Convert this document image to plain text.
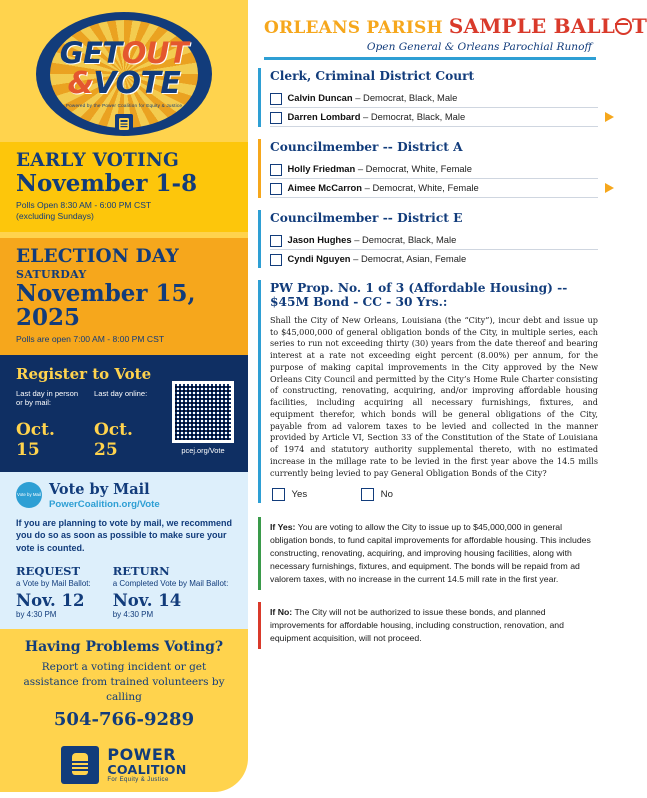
GETOUT
&VOTE
Powered by the Power Coalition for Equity & Justice
EARLY VOTING

November 1-8

Polls Open 8:30 AM - 6:00 PM CST

(excluding Sundays)

ELECTION DAY

SATURDAY

November 15, 2025

Polls are open 7:00 AM - 8:00 PM CST

Register to Vote
Last day in person or by mail:
Oct. 15
Last day online:
Oct. 25	pcej.org/Vote
Vote by Mail Vote by Mail
PowerCoalition.org/Vote
If you are planning to vote by mail, we recommend you do so as soon as possible to make sure your vote is counted.
REQUEST
a Vote by Mail Ballot:
Nov. 12
by 4:30 PM
RETURN
a Completed Vote by Mail Ballot:
Nov. 14
by 4:30 PM
Having Problems Voting?

Report a voting incident or get assistance from trained volunteers by calling

504-766-9289
POWER
COALITION
For Equity & Justice
ORLEANS PARISH SAMPLE BALL T
Open General & Orleans Parochial Runoff
Clerk, Criminal District Court
Calvin Duncan – Democrat, Black, Male
Darren Lombard – Democrat, Black, Male
Councilmember -- District A
Holly Friedman – Democrat, White, Female
Aimee McCarron – Democrat, White, Female
Councilmember -- District E
Jason Hughes – Democrat, Black, Male
Cyndi Nguyen – Democrat, Asian, Female
PW Prop. No. 1 of 3 (Affordable Housing) -- $45M Bond - CC - 30 Yrs.:
Shall the City of New Orleans, Louisiana (the “City”), incur debt and issue up to $45,000,000 of general obligation bonds of the City, in multiple series, each series to run not exceeding thirty (30) years from the date thereof and bearing interest at a rate not exceeding eight percent (8.00%) per annum, for the purpose of making capital improvements in the City approved by the New Orleans City Council and permitted by the City’s Home Rule Charter consisting of constructing, renovating, acquiring, and/or improving affordable housing facilities, including acquiring all necessary furnishings, fixtures, and equipment therefor, which bonds will be general obligations of the City, payable from ad valorem taxes to be levied and collected in the manner provided by Article VI, Section 33 of the Constitution of the State of Louisiana of 1974 and statutory authority supplemental thereto, with no estimated increase in the millage rate to be levied in the first year above the 14.5 mills currently being levied to pay General Obligation Bonds of the City?
Yes	No

If Yes: You are voting to allow the City to issue up to $45,000,000 in general obligation bonds, to fund capital improvements for affordable housing. This includes constructing, renovating, acquiring, and improving housing facilities, along with necessary furnishings, fixtures, and equipment. The bonds will be repaid from ad valorem taxes, with no increase in the current 14.5 mill rate in the first year.

If No: The City will not be authorized to issue these bonds, and planned improvements for affordable housing, including construction, renovation, and equipment acquisition, will not proceed.
